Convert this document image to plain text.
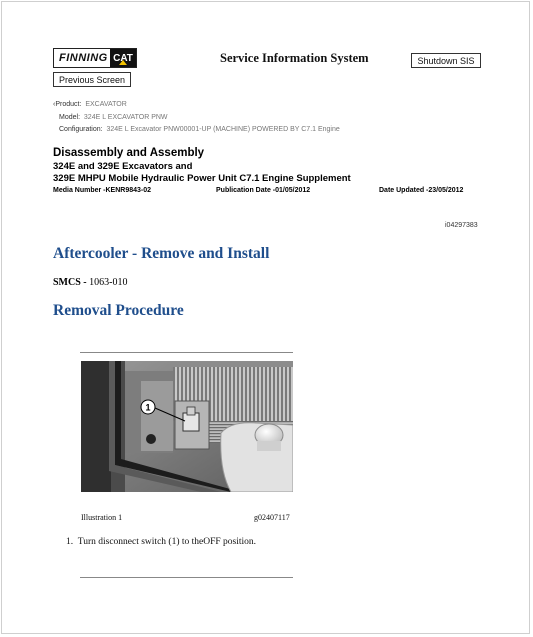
FINNING CAT	Service Information System	Shutdown SIS
Previous Screen
‹Product: EXCAVATOR
Model: 324E L EXCAVATOR PNW
Configuration: 324E L Excavator PNW00001-UP (MACHINE) POWERED BY C7.1 Engine
Disassembly and Assembly
324E and 329E Excavators and
329E MHPU Mobile Hydraulic Power Unit C7.1 Engine Supplement
Media Number -KENR9843-02	Publication Date -01/05/2012	Date Updated -23/05/2012
i04297383
Aftercooler - Remove and Install
SMCS - 1063-010
Removal Procedure
1
Illustration 1	g02407117
1. Turn disconnect switch (1) to theOFF position.
